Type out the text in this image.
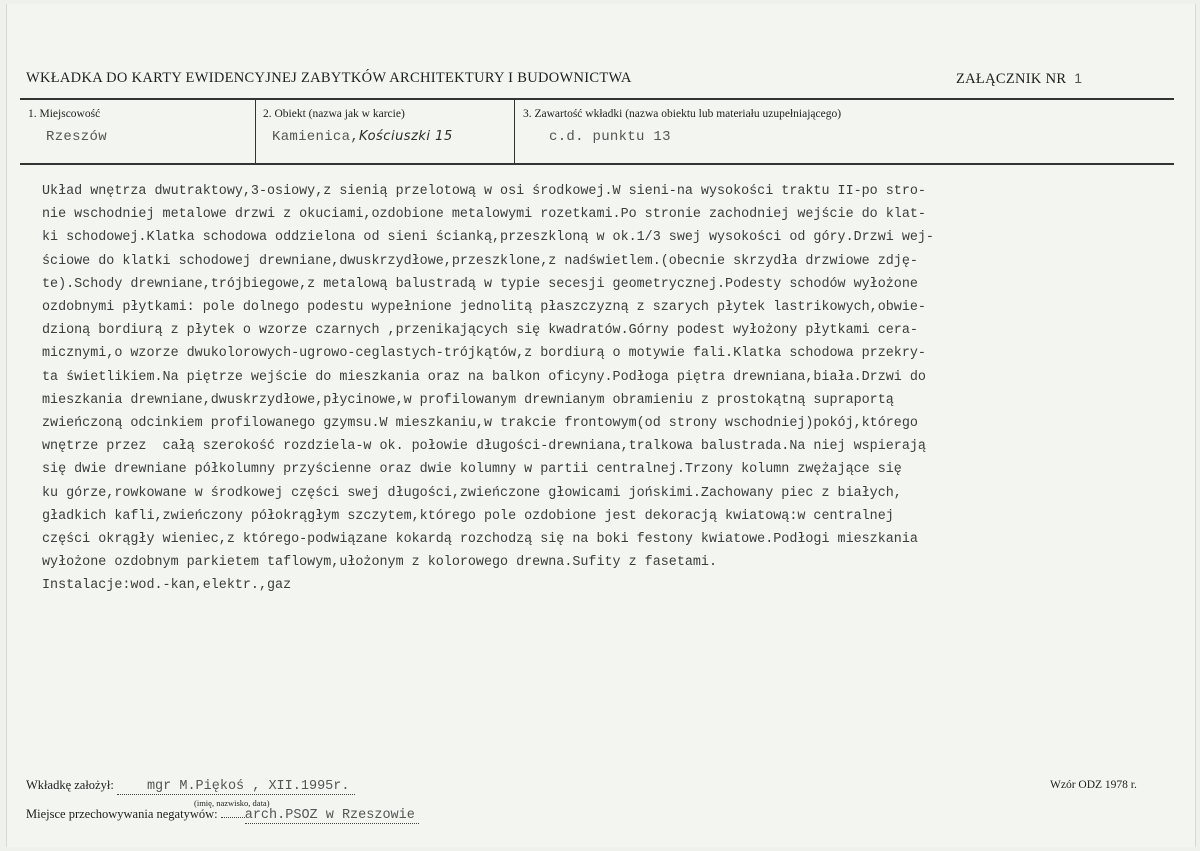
WKŁADKA DO KARTY EWIDENCYJNEJ ZABYTKÓW ARCHITEKTURY I BUDOWNICTWA	ZAŁĄCZNIK NR 1
1. Miejscowość
Rzeszów
2. Obiekt (nazwa jak w karcie)
Kamienica,Kościuszki 15
3. Zawartość wkładki (nazwa obiektu lub materiału uzupełniającego)
c.d. punktu 13
Układ wnętrza dwutraktowy,3-osiowy,z sienią przelotową w osi środkowej.W sieni-na wysokości traktu II-po stro-
nie wschodniej metalowe drzwi z okuciami,ozdobione metalowymi rozetkami.Po stronie zachodniej wejście do klat-
ki schodowej.Klatka schodowa oddzielona od sieni ścianką,przeszkloną w ok.1/3 swej wysokości od góry.Drzwi wej-
ściowe do klatki schodowej drewniane,dwuskrzydłowe,przeszklone,z nadświetlem.(obecnie skrzydła drzwiowe zdję-
te).Schody drewniane,trójbiegowe,z metalową balustradą w typie secesji geometrycznej.Podesty schodów wyłożone
ozdobnymi płytkami: pole dolnego podestu wypełnione jednolitą płaszczyzną z szarych płytek lastrikowych,obwie-
dzioną bordiurą z płytek o wzorze czarnych ,przenikających się kwadratów.Górny podest wyłożony płytkami cera-
micznymi,o wzorze dwukolorowych-ugrowo-ceglastych-trójkątów,z bordiurą o motywie fali.Klatka schodowa przekry-
ta świetlikiem.Na piętrze wejście do mieszkania oraz na balkon oficyny.Podłoga piętra drewniana,biała.Drzwi do
mieszkania drewniane,dwuskrzydłowe,płycinowe,w profilowanym drewnianym obramieniu z prostokątną supraportą
zwieńczoną odcinkiem profilowanego gzymsu.W mieszkaniu,w trakcie frontowym(od strony wschodniej)pokój,którego
wnętrze przez  całą szerokość rozdziela-w ok. połowie długości-drewniana,tralkowa balustrada.Na niej wspierają
się dwie drewniane półkolumny przyścienne oraz dwie kolumny w partii centralnej.Trzony kolumn zwężające się
ku górze,rowkowane w środkowej części swej długości,zwieńczone głowicami jońskimi.Zachowany piec z białych,
gładkich kafli,zwieńczony półokrągłym szczytem,którego pole ozdobione jest dekoracją kwiatową:w centralnej
części okrągły wieniec,z którego-podwiązane kokardą rozchodzą się na boki festony kwiatowe.Podłogi mieszkania
wyłożone ozdobnym parkietem taflowym,ułożonym z kolorowego drewna.Sufity z fasetami.
Instalacje:wod.-kan,elektr.,gaz
Wkładkę założył: mgr M.Piękoś , XII.1995r.
(imię, nazwisko, data)
Miejsce przechowywania negatywów: arch.PSOZ w Rzeszowie
Wzór ODZ 1978 r.
